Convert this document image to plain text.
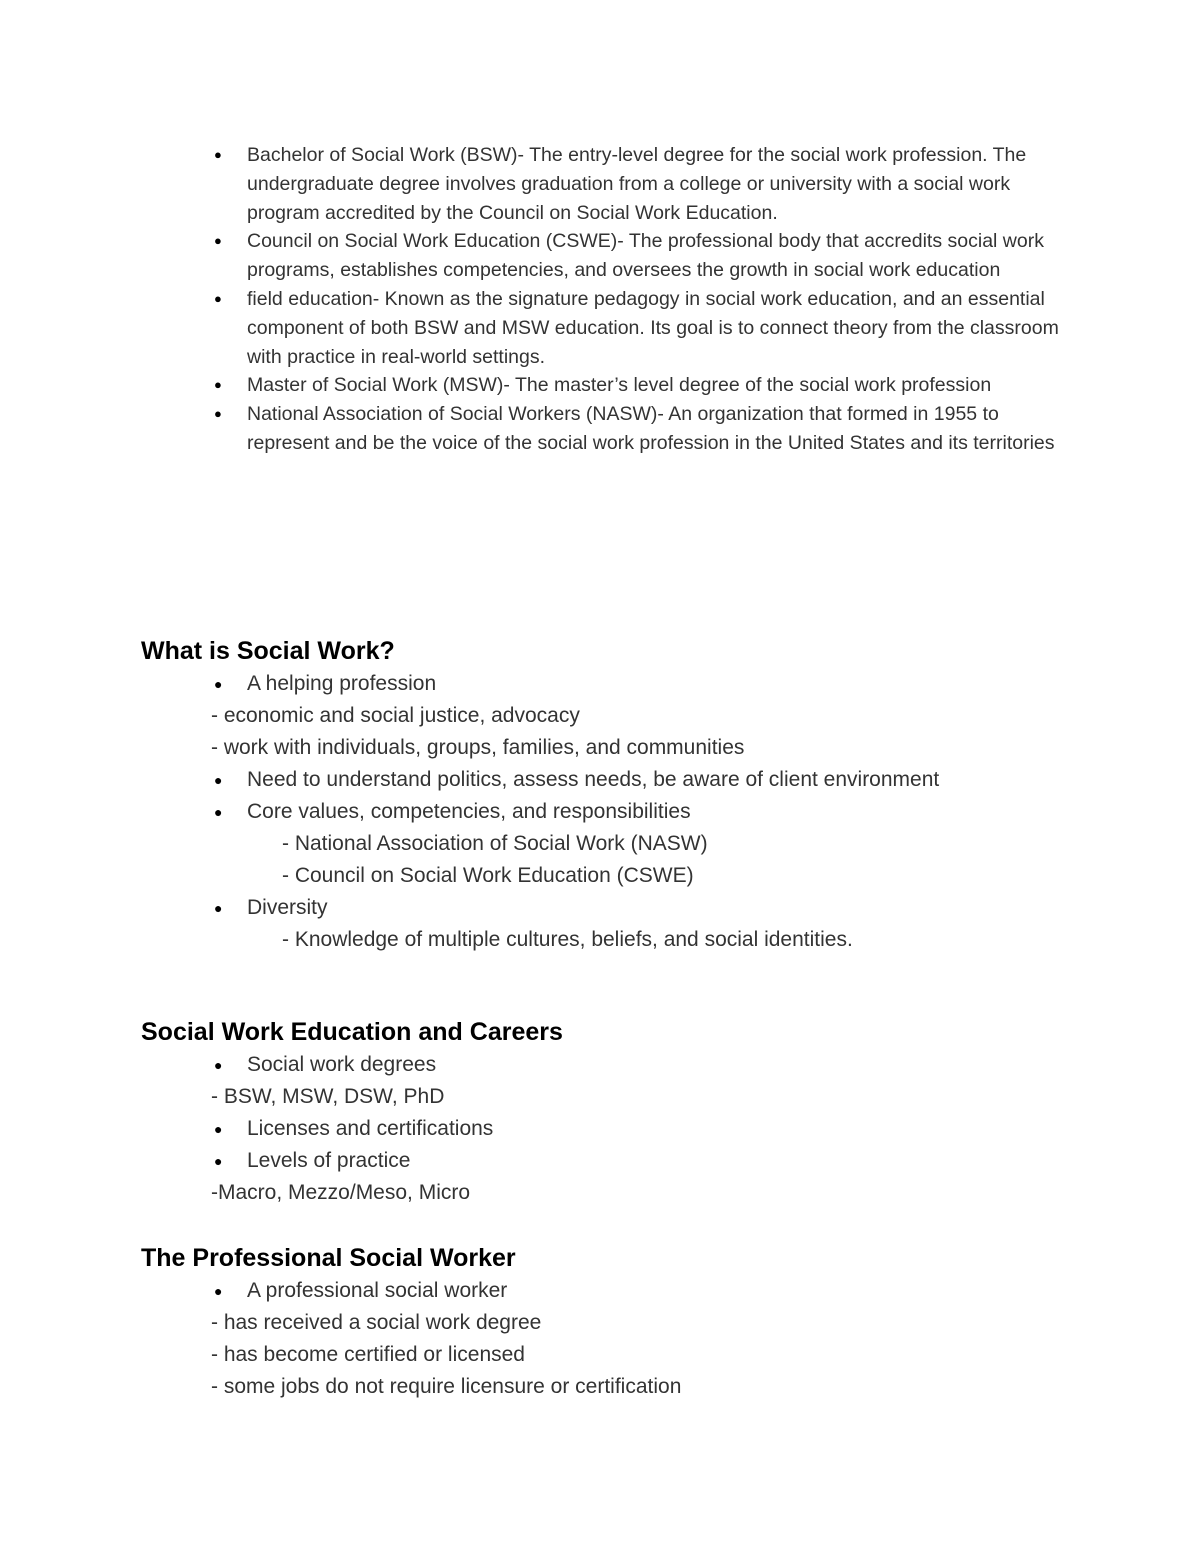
● Bachelor of Social Work (BSW)- The entry-level degree for the social work profession. The undergraduate degree involves graduation from a college or university with a social work program accredited by the Council on Social Work Education.
● Council on Social Work Education (CSWE)- The professional body that accredits social work programs, establishes competencies, and oversees the growth in social work education
● field education- Known as the signature pedagogy in social work education, and an essential component of both BSW and MSW education. Its goal is to connect theory from the classroom with practice in real-world settings.
● Master of Social Work (MSW)- The master’s level degree of the social work profession
● National Association of Social Workers (NASW)- An organization that formed in 1955 to represent and be the voice of the social work profession in the United States and its territories
What is Social Work?
● A helping profession
- economic and social justice, advocacy
- work with individuals, groups, families, and communities
● Need to understand politics, assess needs, be aware of client environment
● Core values, competencies, and responsibilities
- National Association of Social Work (NASW)
- Council on Social Work Education (CSWE)
● Diversity
- Knowledge of multiple cultures, beliefs, and social identities.
Social Work Education and Careers
● Social work degrees
- BSW, MSW, DSW, PhD
● Licenses and certifications
● Levels of practice
-Macro, Mezzo/Meso, Micro
The Professional Social Worker
● A professional social worker
- has received a social work degree
- has become certified or licensed
- some jobs do not require licensure or certification
